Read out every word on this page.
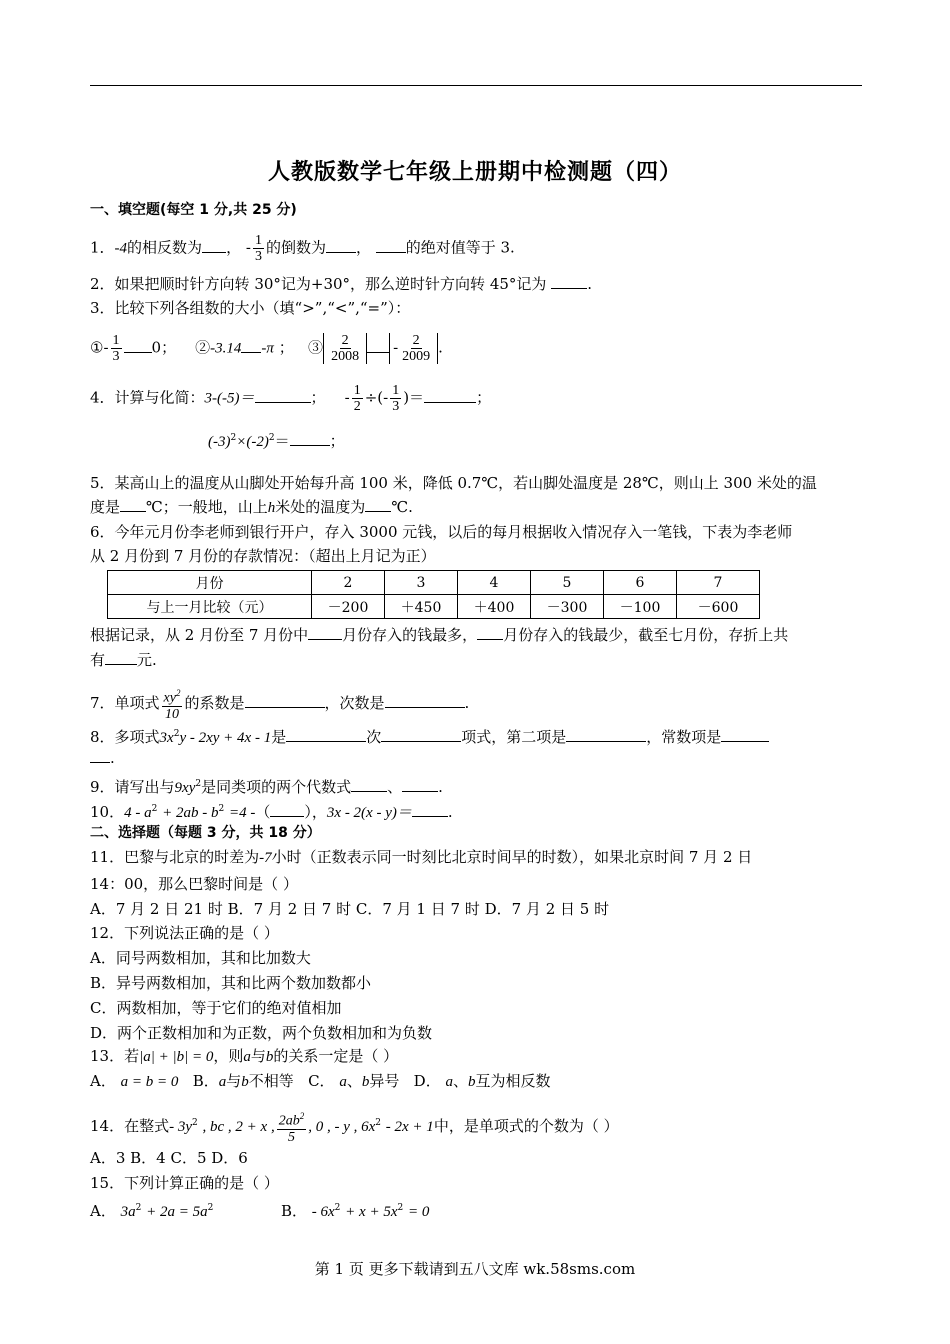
人教版数学七年级上册期中检测题（四）
一、填空题(每空 1 分,共 25 分)
1．-4的相反数为 ， - $\frac{1}{3}$ 的倒数为 ， 的绝对值等于 3.
2．如果把顺时针方向转 30°记为+30°，那么逆时针方向转 45°记为	.
3．比较下列各组数的大小（填“>”,“<”,“=”）：
①- $\frac{1}{3} 0$； ②-3.14 -π ； ③ $\frac{2}{2008} - \frac{2}{2009}$ .
4．计算与化简：3-(-5)＝	； - $\frac{1}{2}$ ÷(- $\frac{1}{3}$ )＝	；
$(-3)^2\times(-2)^2=$	；
5．某高山上的温度从山脚处开始每升高 100 米，降低 0.7℃，若山脚处温度是 28℃，则山上 300 米处的温
度是 ℃；一般地，山上h米处的温度为 ℃.
6．今年元月份李老师到银行开户，存入 3000 元钱，以后的每月根据收入情况存入一笔钱，下表为李老师
从 2 月份到 7 月份的存款情况：（超出上月记为正）
月份	2	3	4	5	6	7
与上一月比较（元）	－200	＋450	＋400	－300	－100	－600
根据记录，从 2 月份至 7 月份中 月份存入的钱最多， 月份存入的钱最少，截至七月份，存折上共
有 元.
7．单项式 $\frac{xy^2}{10}$ 的系数是	，次数是	.
8．多项式$3x^2y - 2xy + 4x - 1$是	次	项式，第二项是	，常数项是
.
9．请写出与$9xy^2$是同类项的两个代数式 、 .
10．$4 - a^2 + 2ab - b^2 =4$ -（ ），3x - 2(x - y)＝ .
二、选择题（每题 3 分，共 18 分）
11．巴黎与北京的时差为-7小时（正数表示同一时刻比北京时间早的时数），如果北京时间 7 月 2 日
14：00，那么巴黎时间是（ ）
A．7 月 2 日 21 时 B．7 月 2 日 7 时 C．7 月 1 日 7 时 D．7 月 2 日 5 时
12．下列说法正确的是（ ）
A．同号两数相加，其和比加数大
B．异号两数相加，其和比两个数加数都小
C．两数相加，等于它们的绝对值相加
D．两个正数相加和为正数，两个负数相加和为负数
13．若|a| + |b| = 0，则a与b的关系一定是（ ）
A． a = b = 0 B．a与b不相等 C． a、b异号 D． a、b互为相反数
14．在整式- $3y^2$ , bc , 2 + x , $\frac{2ab^2}{5}$ , 0 , - y , $6x^2 - 2x + 1$中，是单项式的个数为（ ）
A．3 B．4 C．5 D．6
15．下列计算正确的是（ ）
A． $3a^2 + 2a = 5a^2$	B． - $6x^2 + x + 5x^2 = 0$
第 1 页 更多下载请到五八文库 wk.58sms.com
